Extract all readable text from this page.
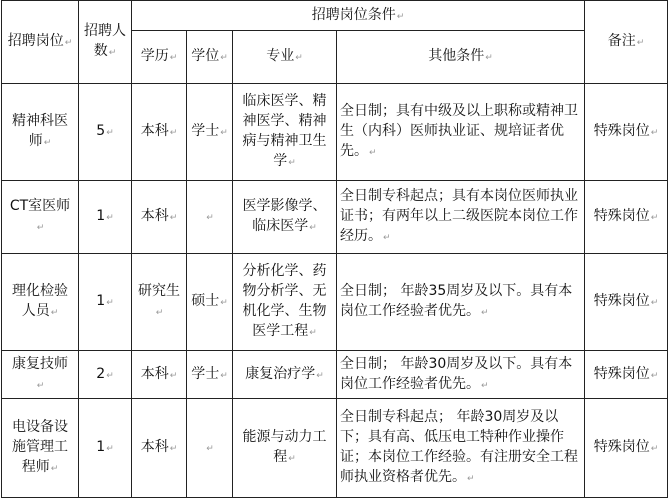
招聘岗位↵	招聘人数↵	招聘岗位条件↵				备注↵
		学历↵	学位↵	专业↵	其他条件↵	
精神科医师↵	5↵	本科↵	学士↵	临床医学、精神医学、精神病与精神卫生学↵	全日制；具有中级及以上职称或精神卫生（内科）医师执业证、规培证者优先。↵	特殊岗位↵
CT室医师↵	1↵	本科↵	↵	医学影像学、临床医学↵	全日制专科起点；具有本岗位医师执业证书；有两年以上二级医院本岗位工作经历。↵	特殊岗位↵
理化检验人员↵	1↵	研究生↵	硕士↵	分析化学、药物分析学、无机化学、生物医学工程↵	全日制； 年龄35周岁及以下。具有本岗位工作经验者优先。↵	特殊岗位↵
康复技师↵	2↵	本科↵	学士↵	康复治疗学↵	全日制； 年龄30周岁及以下。具有本岗位工作经验者优先。↵	特殊岗位↵
电设备设施管理工程师↵	1↵	本科↵	↵	能源与动力工程↵	全日制专科起点； 年龄30周岁及以下；具有高、低压电工特种作业操作证；本岗位工作经验。有注册安全工程师执业资格者优先。↵	特殊岗位↵
